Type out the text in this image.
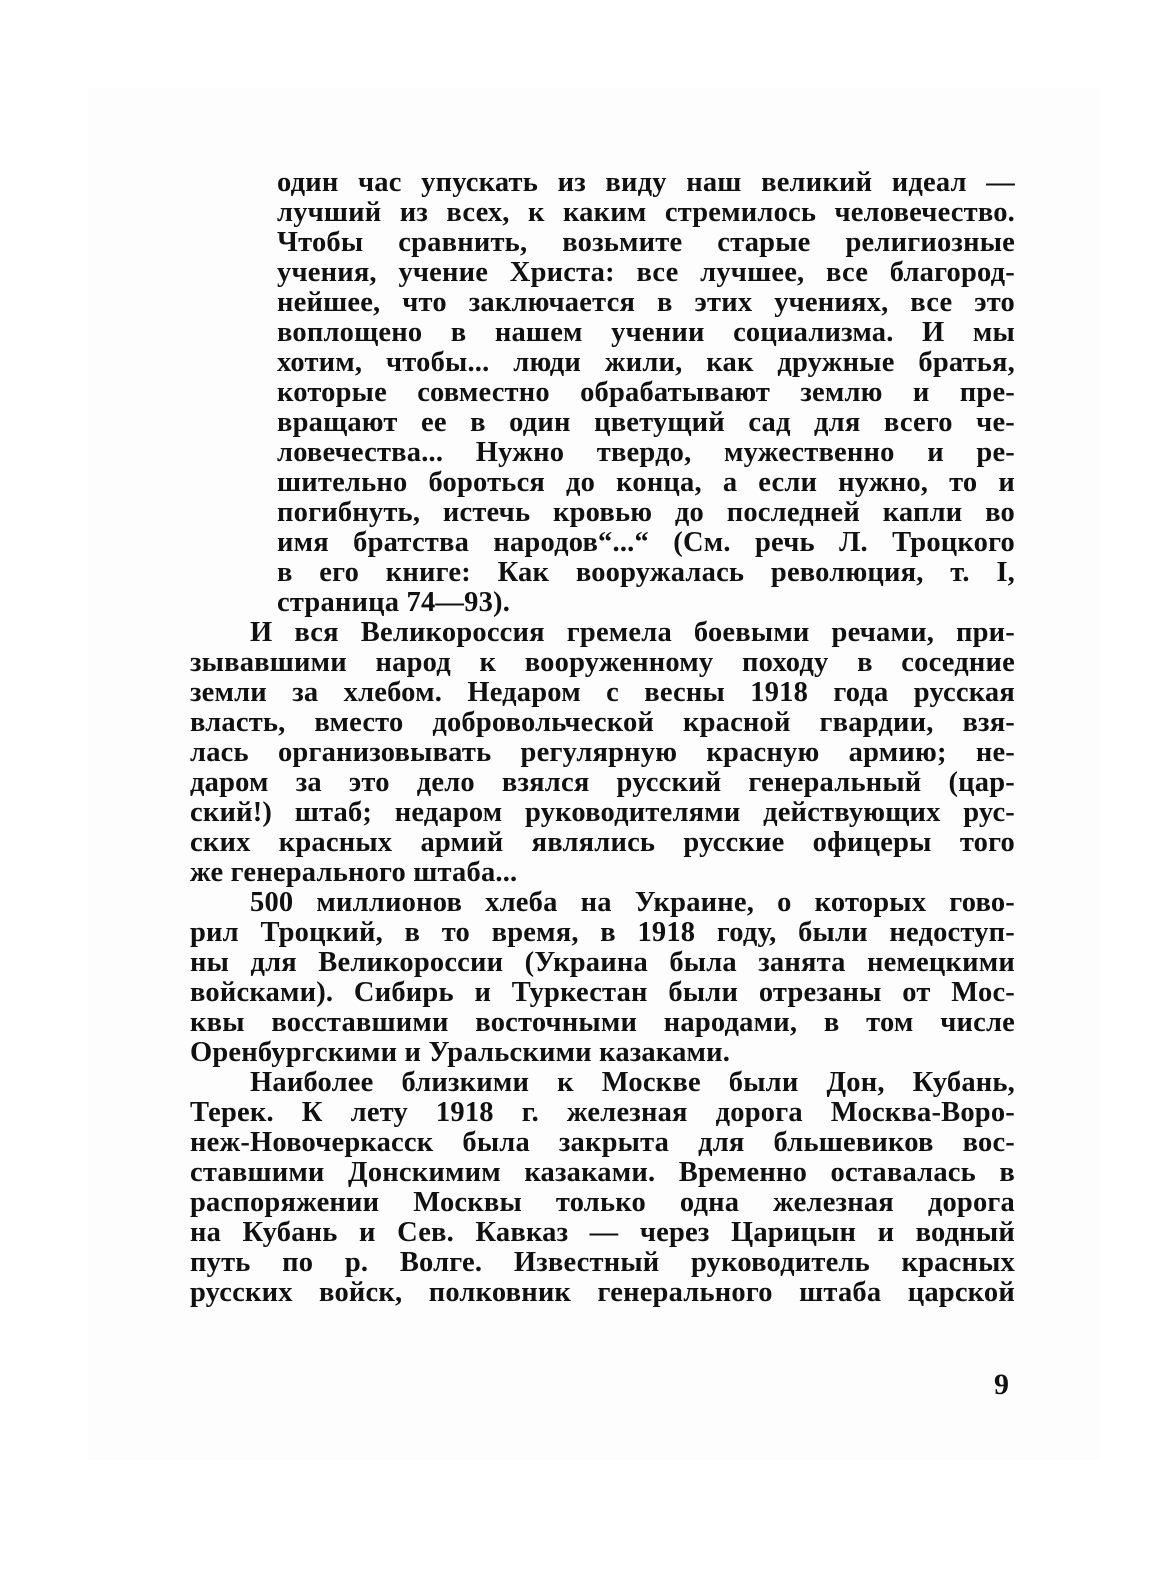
один час упускать из виду наш великий идеал —
лучший из всех, к каким стремилось человечество.
Чтобы сравнить, возьмите старые религиозные
учения, учение Христа: все лучшее, все благород-
нейшее, что заключается в этих учениях, все это
воплощено в нашем учении социализма. И мы
хотим, чтобы... люди жили, как дружные братья,
которые совместно обрабатывают землю и пре-
вращают ее в один цветущий сад для всего че-
ловечества... Нужно твердо, мужественно и ре-
шительно бороться до конца, а если нужно, то и
погибнуть, истечь кровью до последней капли во
имя братства народов“...“ (См. речь Л. Троцкого
в его книге: Как вооружалась революция, т. I,
страница 74—93).
И вся Великороссия гремела боевыми речами, при-
зывавшими народ к вооруженному походу в соседние
земли за хлебом. Недаром с весны 1918 года русская
власть, вместо добровольческой красной гвардии, взя-
лась организовывать регулярную красную армию; не-
даром за это дело взялся русский генеральный (цар-
ский!) штаб; недаром руководителями действующих рус-
ских красных армий являлись русские офицеры того
же генерального штаба...
500 миллионов хлеба на Украине, о которых гово-
рил Троцкий, в то время, в 1918 году, были недоступ-
ны для Великороссии (Украина была занята немецкими
войсками). Сибирь и Туркестан были отрезаны от Мос-
квы восставшими восточными народами, в том числе
Оренбургскими и Уральскими казаками.
Наиболее близкими к Москве были Дон, Кубань,
Терек. К лету 1918 г. железная дорога Москва-Воро-
неж-Новочеркасск была закрыта для бльшевиков вос-
ставшими Донскимим казаками. Временно оставалась в
распоряжении Москвы только одна железная дорога
на Кубань и Сев. Кавказ — через Царицын и водный
путь по р. Волге. Известный руководитель красных
русских войск, полковник генерального штаба царской
9
